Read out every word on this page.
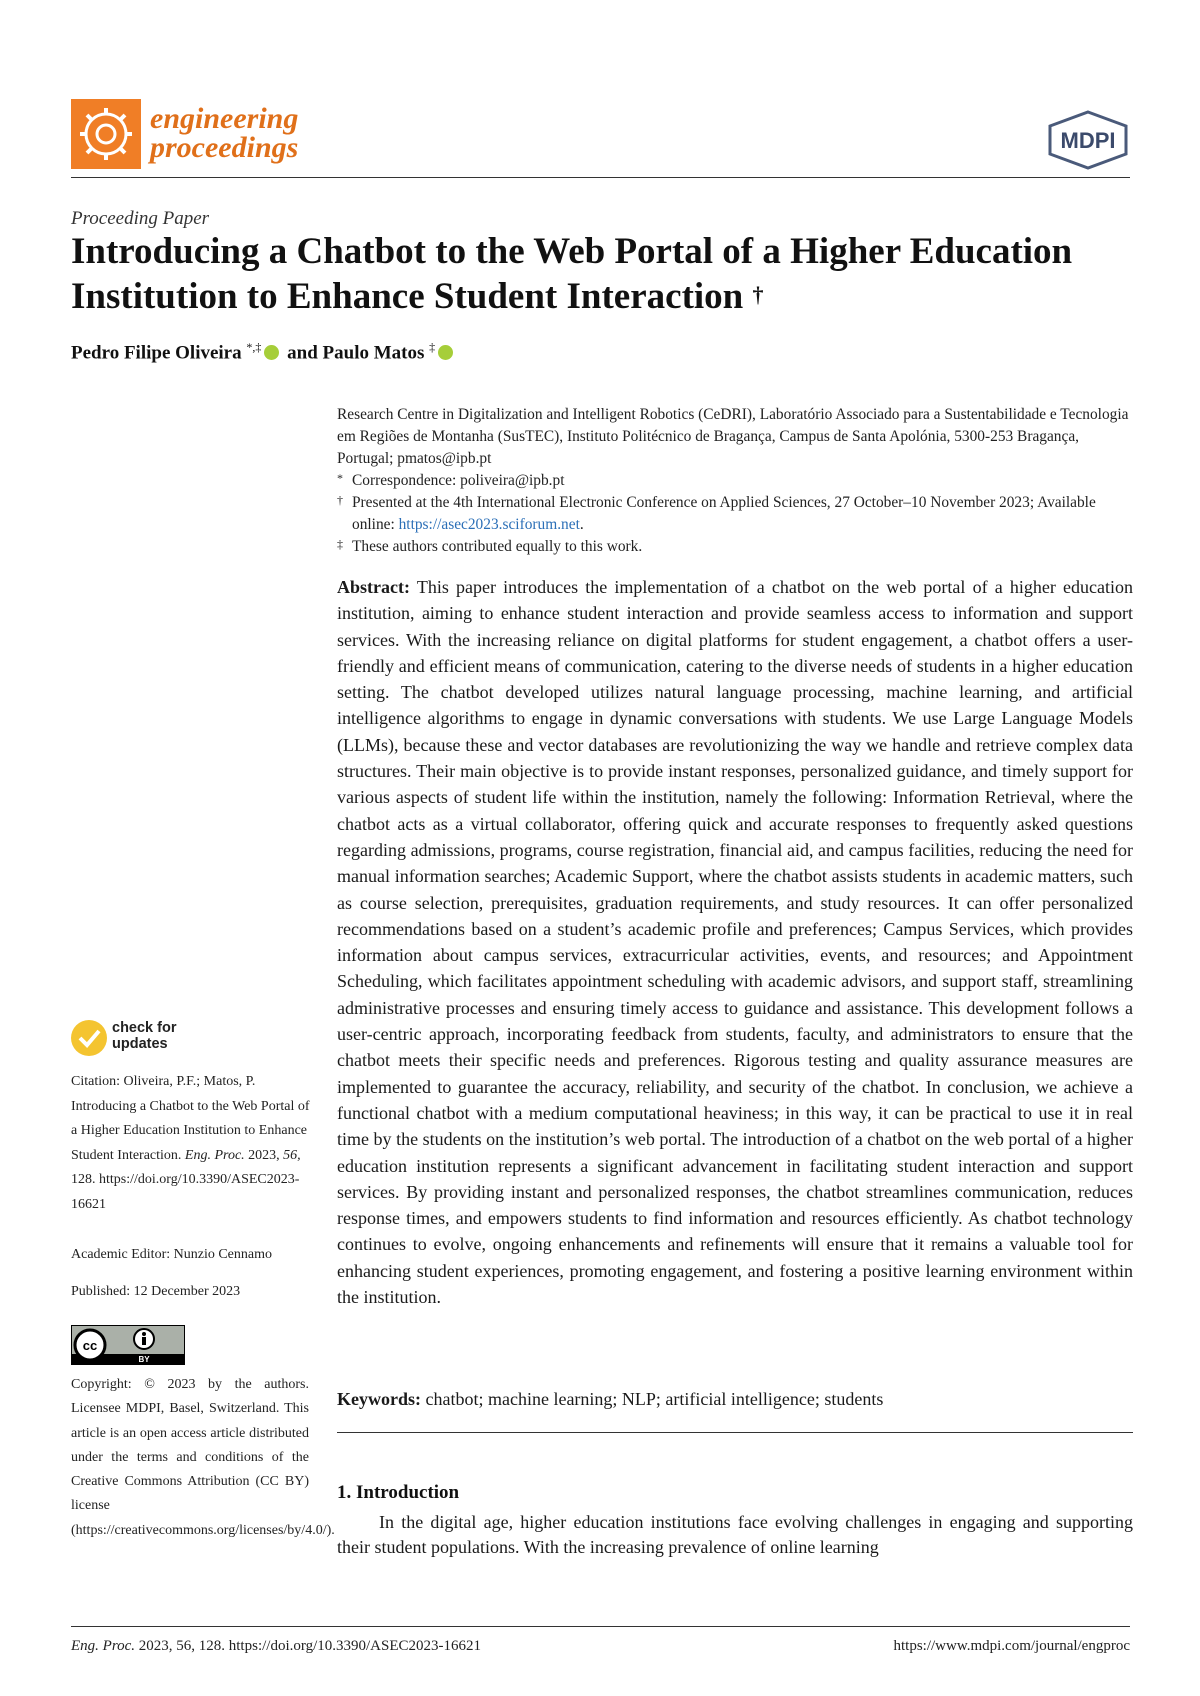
engineering
proceedings	MDPI
Proceeding Paper
Introducing a Chatbot to the Web Portal of a Higher Education Institution to Enhance Student Interaction †
Pedro Filipe Oliveira *,‡ and Paulo Matos ‡
Research Centre in Digitalization and Intelligent Robotics (CeDRI), Laboratório Associado para a Sustentabilidade e Tecnologia em Regiões de Montanha (SusTEC), Instituto Politécnico de Bragança, Campus de Santa Apolónia, 5300-253 Bragança, Portugal; pmatos@ipb.pt
* Correspondence: poliveira@ipb.pt
† Presented at the 4th International Electronic Conference on Applied Sciences, 27 October–10 November 2023; Available online: https://asec2023.sciforum.net.
‡ These authors contributed equally to this work.
Abstract: This paper introduces the implementation of a chatbot on the web portal of a higher education institution, aiming to enhance student interaction and provide seamless access to information and support services. With the increasing reliance on digital platforms for student engagement, a chatbot offers a user-friendly and efficient means of communication, catering to the diverse needs of students in a higher education setting. The chatbot developed utilizes natural language processing, machine learning, and artificial intelligence algorithms to engage in dynamic conversations with students. We use Large Language Models (LLMs), because these and vector databases are revolutionizing the way we handle and retrieve complex data structures. Their main objective is to provide instant responses, personalized guidance, and timely support for various aspects of student life within the institution, namely the following: Information Retrieval, where the chatbot acts as a virtual collaborator, offering quick and accurate responses to frequently asked questions regarding admissions, programs, course registration, financial aid, and campus facilities, reducing the need for manual information searches; Academic Support, where the chatbot assists students in academic matters, such as course selection, prerequisites, graduation requirements, and study resources. It can offer personalized recommendations based on a student’s academic profile and preferences; Campus Services, which provides information about campus services, extracurricular activities, events, and resources; and Appointment Scheduling, which facilitates appointment scheduling with academic advisors, and support staff, streamlining administrative processes and ensuring timely access to guidance and assistance. This development follows a user-centric approach, incorporating feedback from students, faculty, and administrators to ensure that the chatbot meets their specific needs and preferences. Rigorous testing and quality assurance measures are implemented to guarantee the accuracy, reliability, and security of the chatbot. In conclusion, we achieve a functional chatbot with a medium computational heaviness; in this way, it can be practical to use it in real time by the students on the institution’s web portal. The introduction of a chatbot on the web portal of a higher education institution represents a significant advancement in facilitating student interaction and support services. By providing instant and personalized responses, the chatbot streamlines communication, reduces response times, and empowers students to find information and resources efficiently. As chatbot technology continues to evolve, ongoing enhancements and refinements will ensure that it remains a valuable tool for enhancing student experiences, promoting engagement, and fostering a positive learning environment within the institution.
Keywords: chatbot; machine learning; NLP; artificial intelligence; students
1. Introduction
In the digital age, higher education institutions face evolving challenges in engaging and supporting their student populations. With the increasing prevalence of online learning
check for
updates
Citation: Oliveira, P.F.; Matos, P. Introducing a Chatbot to the Web Portal of a Higher Education Institution to Enhance Student Interaction. Eng. Proc. 2023, 56, 128. https://doi.org/10.3390/ASEC2023-16621
Academic Editor: Nunzio Cennamo
Published: 12 December 2023
cc
BY
Copyright: © 2023 by the authors. Licensee MDPI, Basel, Switzerland. This article is an open access article distributed under the terms and conditions of the Creative Commons Attribution (CC BY) license (https://creativecommons.org/licenses/by/4.0/).
Eng. Proc. 2023, 56, 128. https://doi.org/10.3390/ASEC2023-16621	https://www.mdpi.com/journal/engproc
